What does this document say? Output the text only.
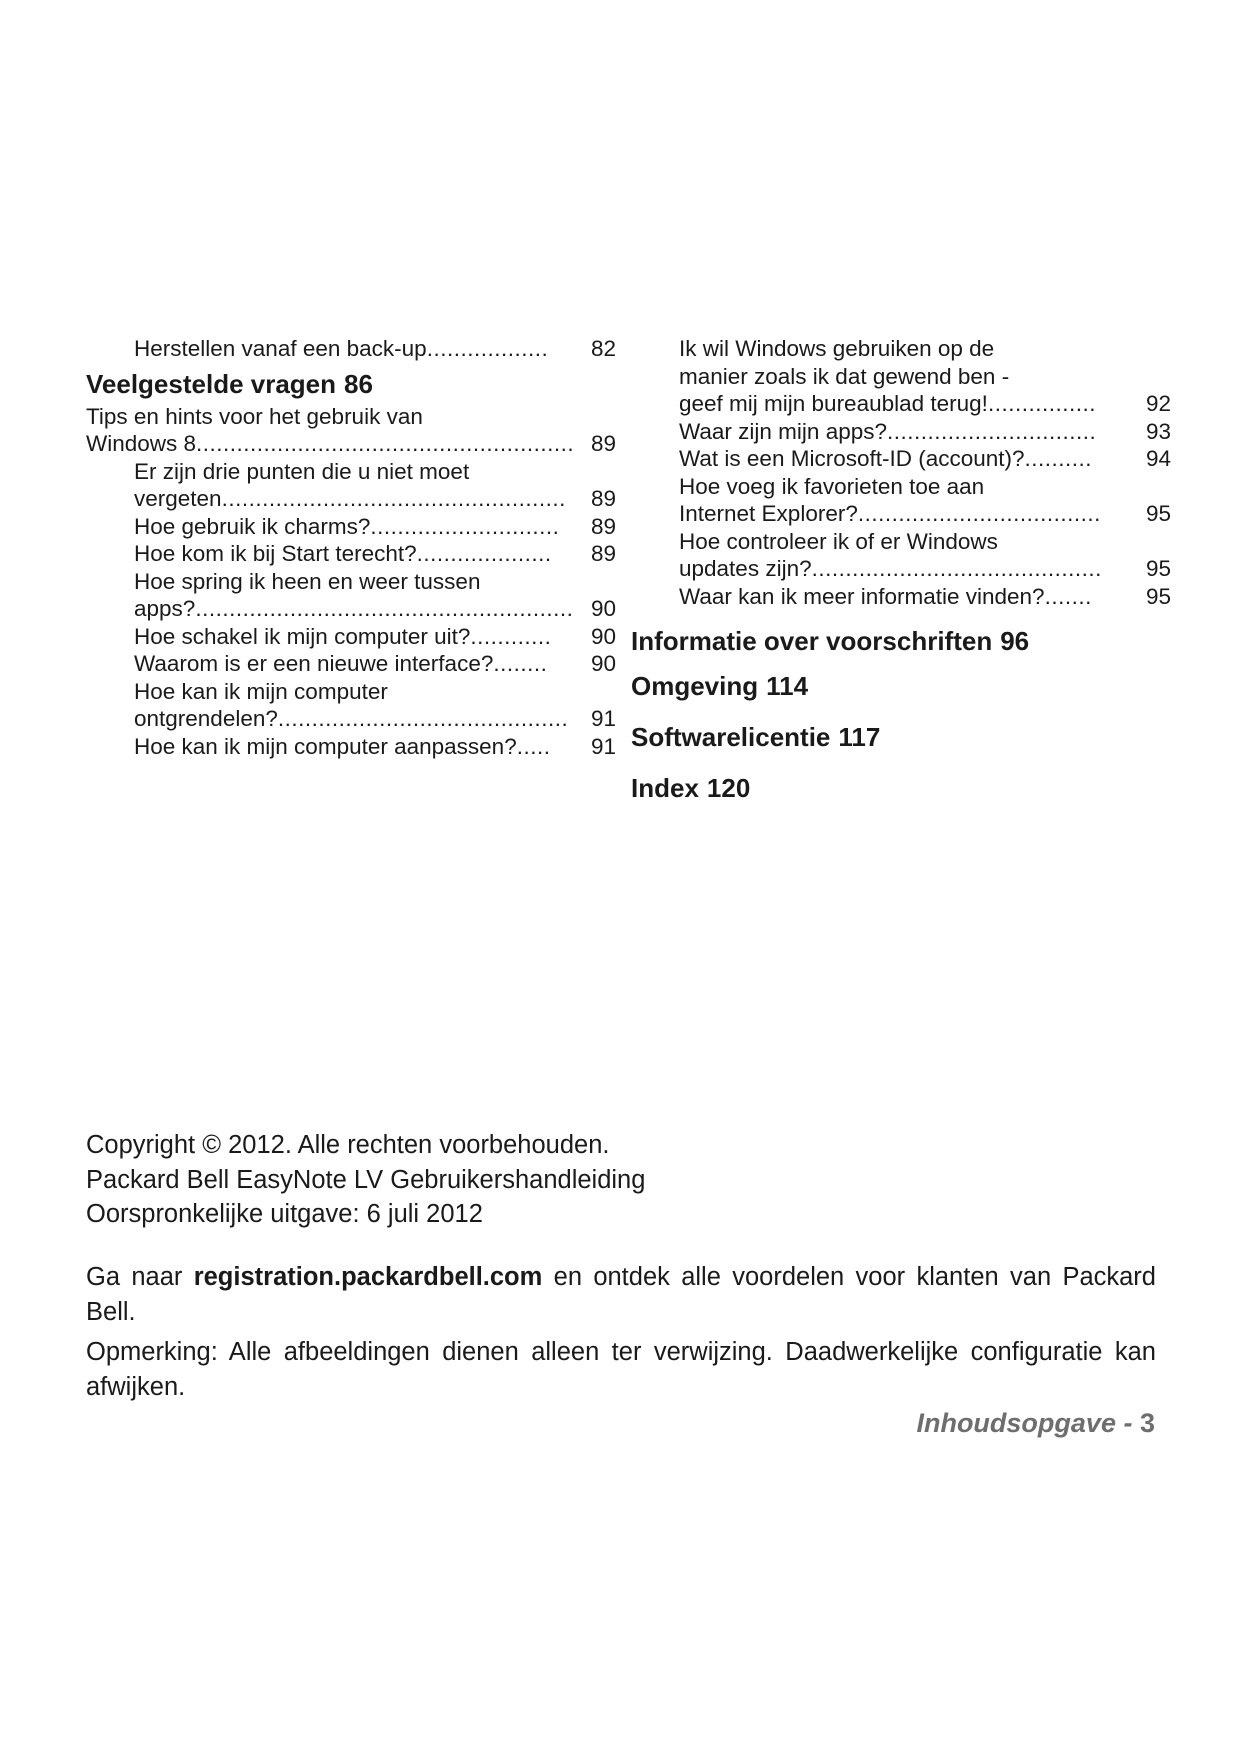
Herstellen vanaf een back-up ..................	82
Veelgestelde vragen 86
Tips en hints voor het gebruik van
Windows 8 ........................................................ 89
Er zijn drie punten die u niet moet
vergeten ...................................................	89
Hoe gebruik ik charms? ............................	89
Hoe kom ik bij Start terecht? ....................	89
Hoe spring ik heen en weer tussen
apps? ........................................................ 90
Hoe schakel ik mijn computer uit? ............	90
Waarom is er een nieuwe interface? ........	90
Hoe kan ik mijn computer
ontgrendelen? ...........................................	91
Hoe kan ik mijn computer aanpassen? .....	91
Ik wil Windows gebruiken op de
manier zoals ik dat gewend ben -
geef mij mijn bureaublad terug! ................	92
Waar zijn mijn apps? ...............................	93
Wat is een Microsoft-ID (account)? ..........	94
Hoe voeg ik favorieten toe aan
Internet Explorer? ....................................	95
Hoe controleer ik of er Windows
updates zijn? ...........................................	95
Waar kan ik meer informatie vinden? .......	95
Informatie over voorschriften 96
Omgeving 114
Softwarelicentie 117
Index 120
Copyright © 2012. Alle rechten voorbehouden.
Packard Bell EasyNote LV Gebruikershandleiding
Oorspronkelijke uitgave: 6 juli 2012
Ga naar registration.packardbell.com en ontdek alle voordelen voor klanten van Packard Bell.
Opmerking: Alle afbeeldingen dienen alleen ter verwijzing. Daadwerkelijke configuratie kan afwijken.
Inhoudsopgave - 3
